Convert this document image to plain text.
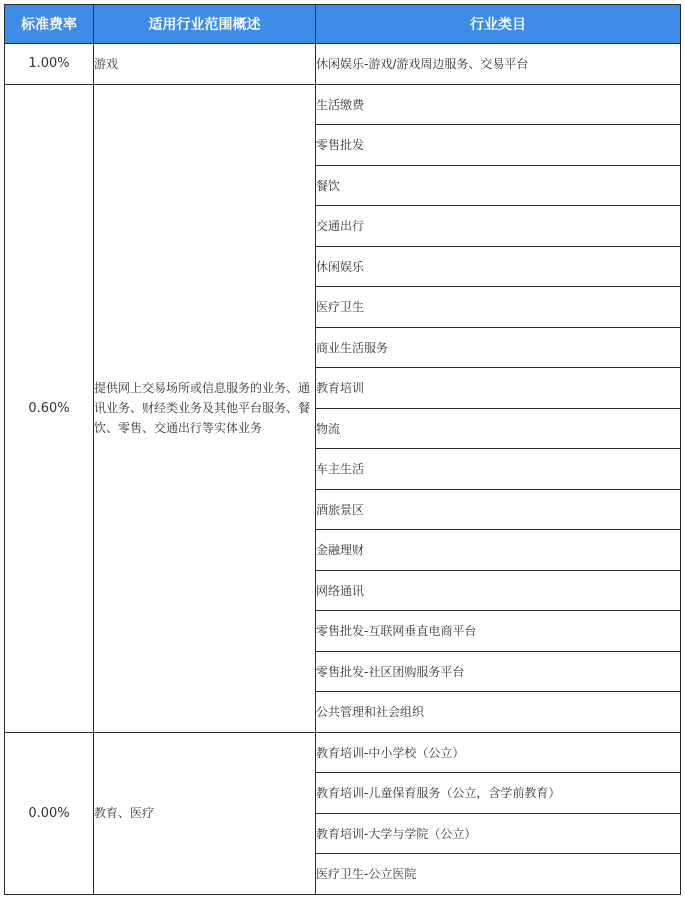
标准费率	适用行业范围概述	行业类目
1.00%	游戏	休闲娱乐-游戏/游戏周边服务、交易平台
0.60%	提供网上交易场所或信息服务的业务、通讯业务、财经类业务及其他平台服务、餐饮、零售、交通出行等实体业务	生活缴费
		零售批发
		餐饮
		交通出行
		休闲娱乐
		医疗卫生
		商业生活服务
		教育培训
		物流
		车主生活
		酒旅景区
		金融理财
		网络通讯
		零售批发-互联网垂直电商平台
		零售批发-社区团购服务平台
		公共管理和社会组织
0.00%	教育、医疗	教育培训-中小学校（公立）
		教育培训-儿童保育服务（公立，含学前教育）
		教育培训-大学与学院（公立）
		医疗卫生-公立医院
